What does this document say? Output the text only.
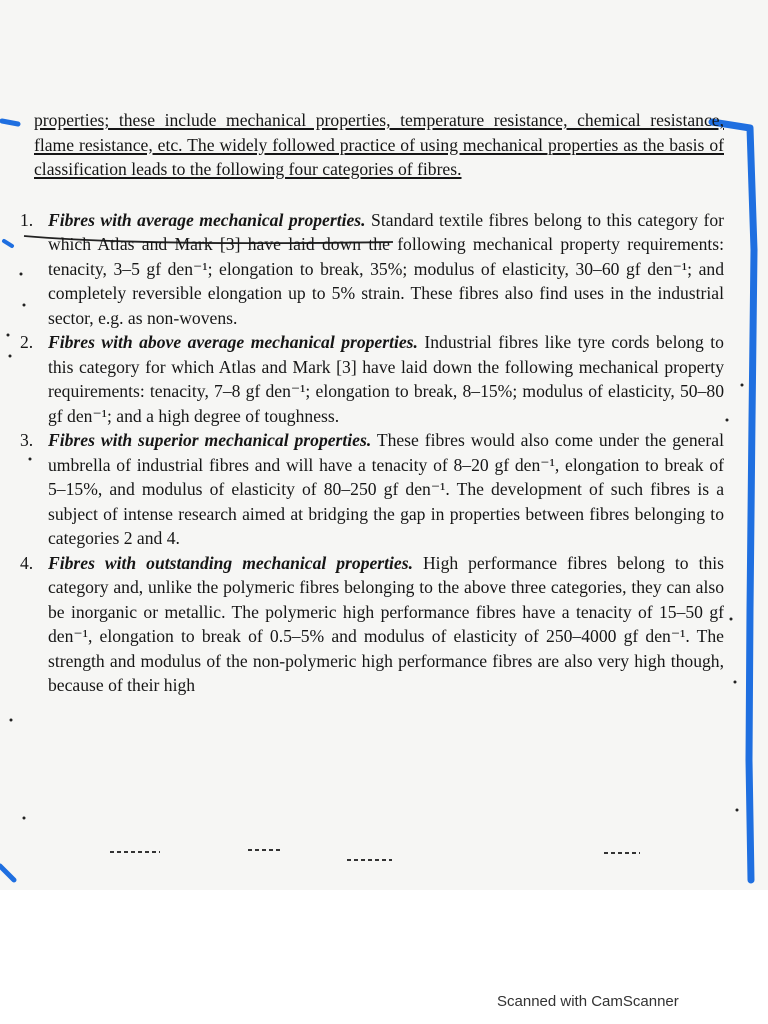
properties; these include mechanical properties, temperature resistance, chemical resistance, flame resistance, etc. The widely followed practice of using mechanical properties as the basis of classification leads to the following four categories of fibres.

1. Fibres with average mechanical properties. Standard textile fibres belong to this category for which Atlas and Mark [3] have laid down the following mechanical property requirements: tenacity, 3–5 gf den⁻¹; elongation to break, 35%; modulus of elasticity, 30–60 gf den⁻¹; and completely reversible elongation up to 5% strain. These fibres also find uses in the industrial sector, e.g. as non-wovens.

2. Fibres with above average mechanical properties. Industrial fibres like tyre cords belong to this category for which Atlas and Mark [3] have laid down the following mechanical property requirements: tenacity, 7–8 gf den⁻¹; elongation to break, 8–15%; modulus of elasticity, 50–80 gf den⁻¹; and a high degree of toughness.

3. Fibres with superior mechanical properties. These fibres would also come under the general umbrella of industrial fibres and will have a tenacity of 8–20 gf den⁻¹, elongation to break of 5–15%, and modulus of elasticity of 80–250 gf den⁻¹. The development of such fibres is a subject of intense research aimed at bridging the gap in properties between fibres belonging to categories 2 and 4.

4. Fibres with outstanding mechanical properties. High performance fibres belong to this category and, unlike the polymeric fibres belonging to the above three categories, they can also be inorganic or metallic. The polymeric high performance fibres have a tenacity of 15–50 gf den⁻¹, elongation to break of 0.5–5% and modulus of elasticity of 250–4000 gf den⁻¹. The strength and modulus of the non-polymeric high performance fibres are also very high though, because of their high

Scanned with CamScanner
